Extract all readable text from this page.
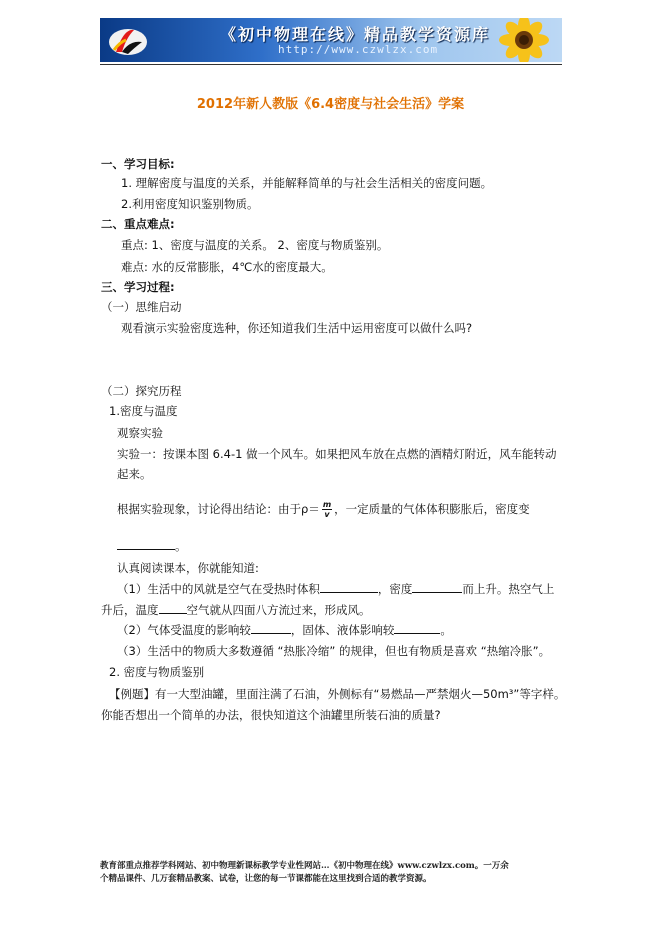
《初中物理在线》精品教学资源库
http://www.czwlzx.com
2012年新人教版《6.4密度与社会生活》学案
一、学习目标:
1. 理解密度与温度的关系，并能解释简单的与社会生活相关的密度问题。
2.利用密度知识鉴别物质。
二、重点难点:
重点: 1、密度与温度的关系。 2、密度与物质鉴别。
难点: 水的反常膨胀，4℃水的密度最大。
三、学习过程:
（一）思维启动
观看演示实验密度选种，你还知道我们生活中运用密度可以做什么吗?
（二）探究历程
1.密度与温度
观察实验
实验一：按课本图 6.4-1 做一个风车。如果把风车放在点燃的酒精灯附近，风车能转动
起来。
根据实验现象，讨论得出结论：由于$\rho= \frac{m}{v}$ ，一定质量的气体体积膨胀后，密度变
。
认真阅读课本，你就能知道:
（1）生活中的风就是空气在受热时体积	，密度	而上升。热空气上
升后，温度 空气就从四面八方流过来，形成风。
（2）气体受温度的影响较	，固体、液体影响较	。
（3）生活中的物质大多数遵循 “热胀冷缩” 的规律，但也有物质是喜欢 “热缩冷胀”。
2. 密度与物质鉴别
【例题】有一大型油罐，里面注满了石油，外侧标有“易燃品—严禁烟火—50m³”等字样。
你能否想出一个简单的办法，很快知道这个油罐里所装石油的质量?
教育部重点推荐学科网站、初中物理新课标教学专业性网站…《初中物理在线》www.czwlzx.com。一万余
个精品课件、几万套精品教案、试卷，让您的每一节课都能在这里找到合适的教学资源。
